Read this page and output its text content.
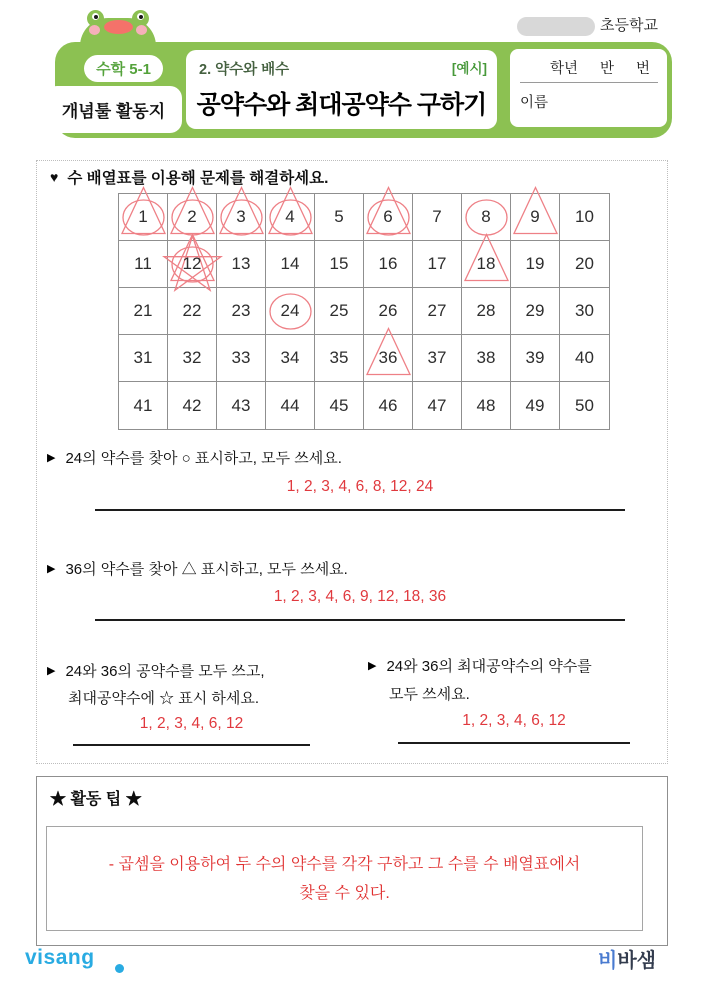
수학 5-1
개념툴 활동지
2. 약수와 배수	[예시]
공약수와 최대공약수 구하기
초등학교
학년 반 번
이름
♥ 수 배열표를 이용해 문제를 해결하세요.
1 2 3 4 5 6 7 8 9 10
11 12 13 14 15 16 17 18 19 20
21 22 23 24 25 26 27 28 29 30
31 32 33 34 35 36 37 38 39 40
41 42 43 44 45 46 47 48 49 50
▶ 24의 약수를 찾아 ○ 표시하고, 모두 쓰세요.
1, 2, 3, 4, 6, 8, 12, 24
▶ 36의 약수를 찾아 △ 표시하고, 모두 쓰세요.
1, 2, 3, 4, 6, 9, 12, 18, 36
▶ 24와 36의 공약수를 모두 쓰고,
최대공약수에 ☆ 표시 하세요.
1, 2, 3, 4, 6, 12
▶ 24와 36의 최대공약수의 약수를
모두 쓰세요.
1, 2, 3, 4, 6, 12
★ 활동 팁 ★
- 곱셈을 이용하여 두 수의 약수를 각각 구하고 그 수를 수 배열표에서
찾을 수 있다.
visang	비바샘
